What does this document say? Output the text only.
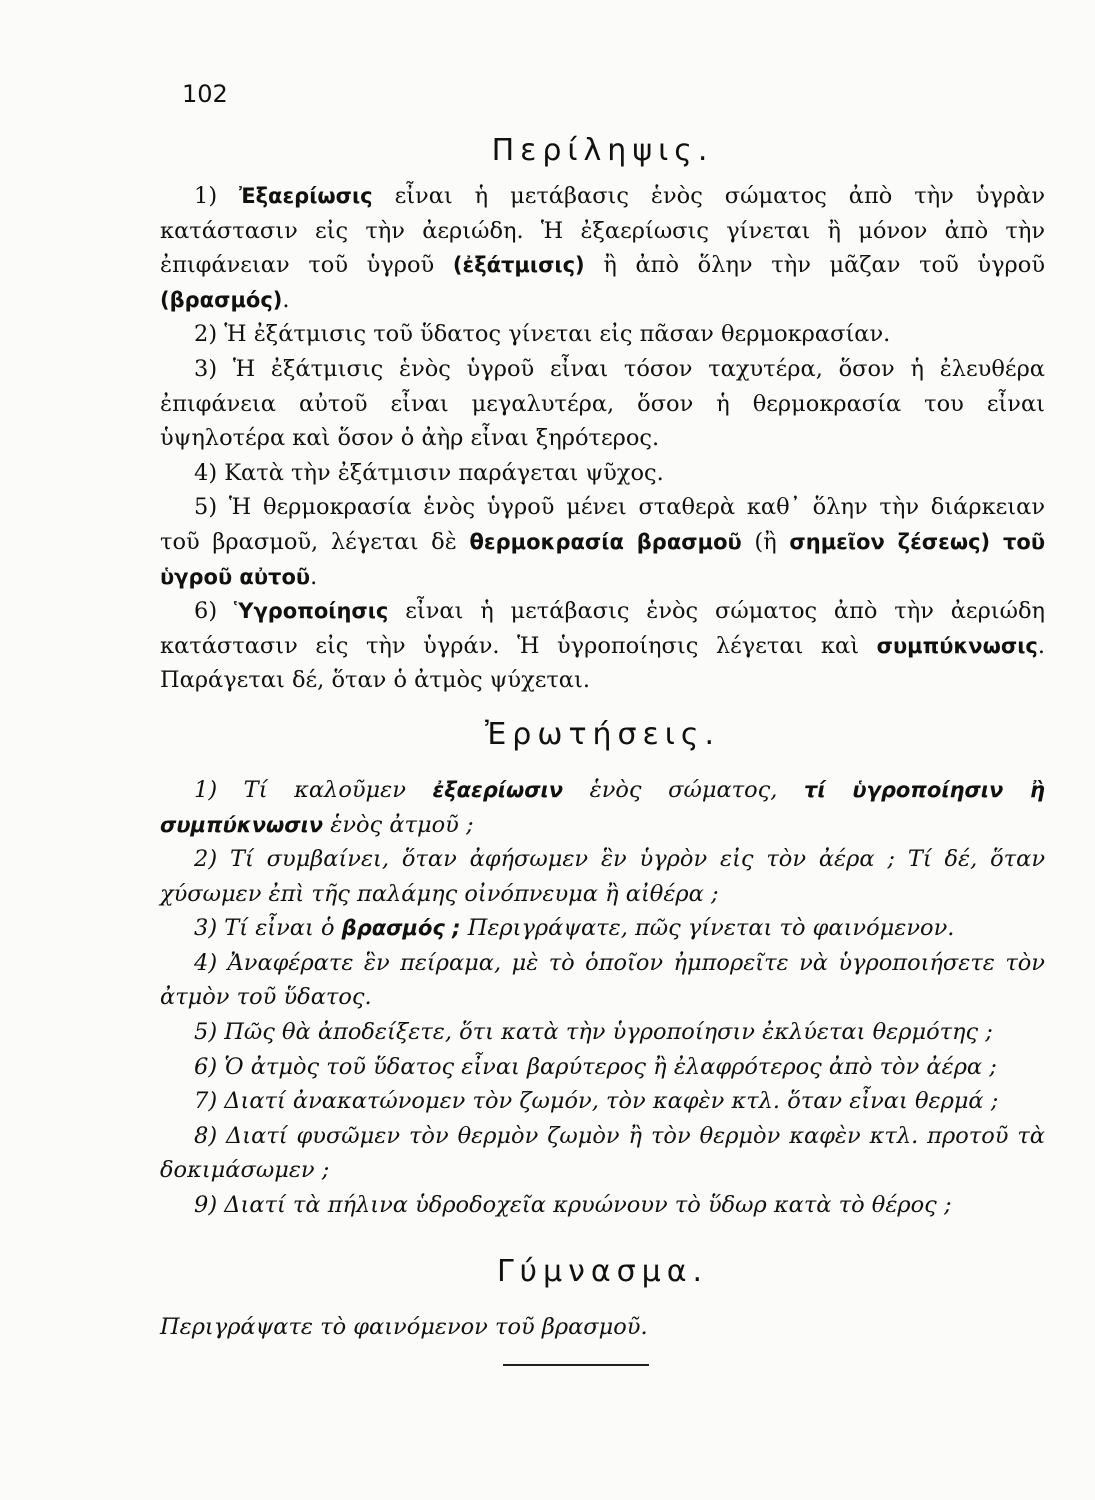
102
Περίληψις.

1) Ἐξαερίωσις εἶναι ἡ μετάβασις ἑνὸς σώματος ἀπὸ τὴν ὑγρὰν κατάστασιν εἰς τὴν ἀεριώδη. Ἡ ἐξαερίωσις γίνεται ἢ μόνον ἀπὸ τὴν ἐπιφάνειαν τοῦ ὑγροῦ (ἐξάτμισις) ἢ ἀπὸ ὅλην τὴν μᾶζαν τοῦ ὑγροῦ (βρασμός).

2) Ἡ ἐξάτμισις τοῦ ὕδατος γίνεται εἰς πᾶσαν θερμοκρασίαν.

3) Ἡ ἐξάτμισις ἑνὸς ὑγροῦ εἶναι τόσον ταχυτέρα, ὅσον ἡ ἐλευθέρα ἐπιφάνεια αὐτοῦ εἶναι μεγαλυτέρα, ὅσον ἡ θερμοκρασία του εἶναι ὑψηλοτέρα καὶ ὅσον ὁ ἀὴρ εἶναι ξηρότερος.

4) Κατὰ τὴν ἐξάτμισιν παράγεται ψῦχος.

5) Ἡ θερμοκρασία ἑνὸς ὑγροῦ μένει σταθερὰ καθ᾽ ὅλην τὴν διάρκειαν τοῦ βρασμοῦ, λέγεται δὲ θερμοκρασία βρασμοῦ (ἢ σημεῖον ζέσεως) τοῦ ὑγροῦ αὐτοῦ.

6) Ὑγροποίησις εἶναι ἡ μετάβασις ἑνὸς σώματος ἀπὸ τὴν ἀεριώδη κατάστασιν εἰς τὴν ὑγράν. Ἡ ὑγροποίησις λέγεται καὶ συμπύκνωσις. Παράγεται δέ, ὅταν ὁ ἀτμὸς ψύχεται.

Ἐρωτήσεις.

1) Τί καλοῦμεν ἐξαερίωσιν ἑνὸς σώματος, τί ὑγροποίησιν ἢ συμπύκνωσιν ἑνὸς ἀτμοῦ ;

2) Τί συμβαίνει, ὅταν ἀφήσωμεν ἓν ὑγρὸν εἰς τὸν ἀέρα ; Τί δέ, ὅταν χύσωμεν ἐπὶ τῆς παλάμης οἰνόπνευμα ἢ αἰθέρα ;

3) Τί εἶναι ὁ βρασμός ; Περιγράψατε, πῶς γίνεται τὸ φαινόμενον.

4) Ἀναφέρατε ἓν πείραμα, μὲ τὸ ὁποῖον ἠμπορεῖτε νὰ ὑγροποιήσετε τὸν ἀτμὸν τοῦ ὕδατος.

5) Πῶς θὰ ἀποδείξετε, ὅτι κατὰ τὴν ὑγροποίησιν ἐκλύεται θερμότης ;

6) Ὁ ἀτμὸς τοῦ ὕδατος εἶναι βαρύτερος ἢ ἐλαφρότερος ἀπὸ τὸν ἀέρα ;

7) Διατί ἀνακατώνομεν τὸν ζωμόν, τὸν καφὲν κτλ. ὅταν εἶναι θερμά ;

8) Διατί φυσῶμεν τὸν θερμὸν ζωμὸν ἢ τὸν θερμὸν καφὲν κτλ. προτοῦ τὰ δοκιμάσωμεν ;

9) Διατί τὰ πήλινα ὑδροδοχεῖα κρυώνουν τὸ ὕδωρ κατὰ τὸ θέρος ;

Γύμνασμα.

Περιγράψατε τὸ φαινόμενον τοῦ βρασμοῦ.
